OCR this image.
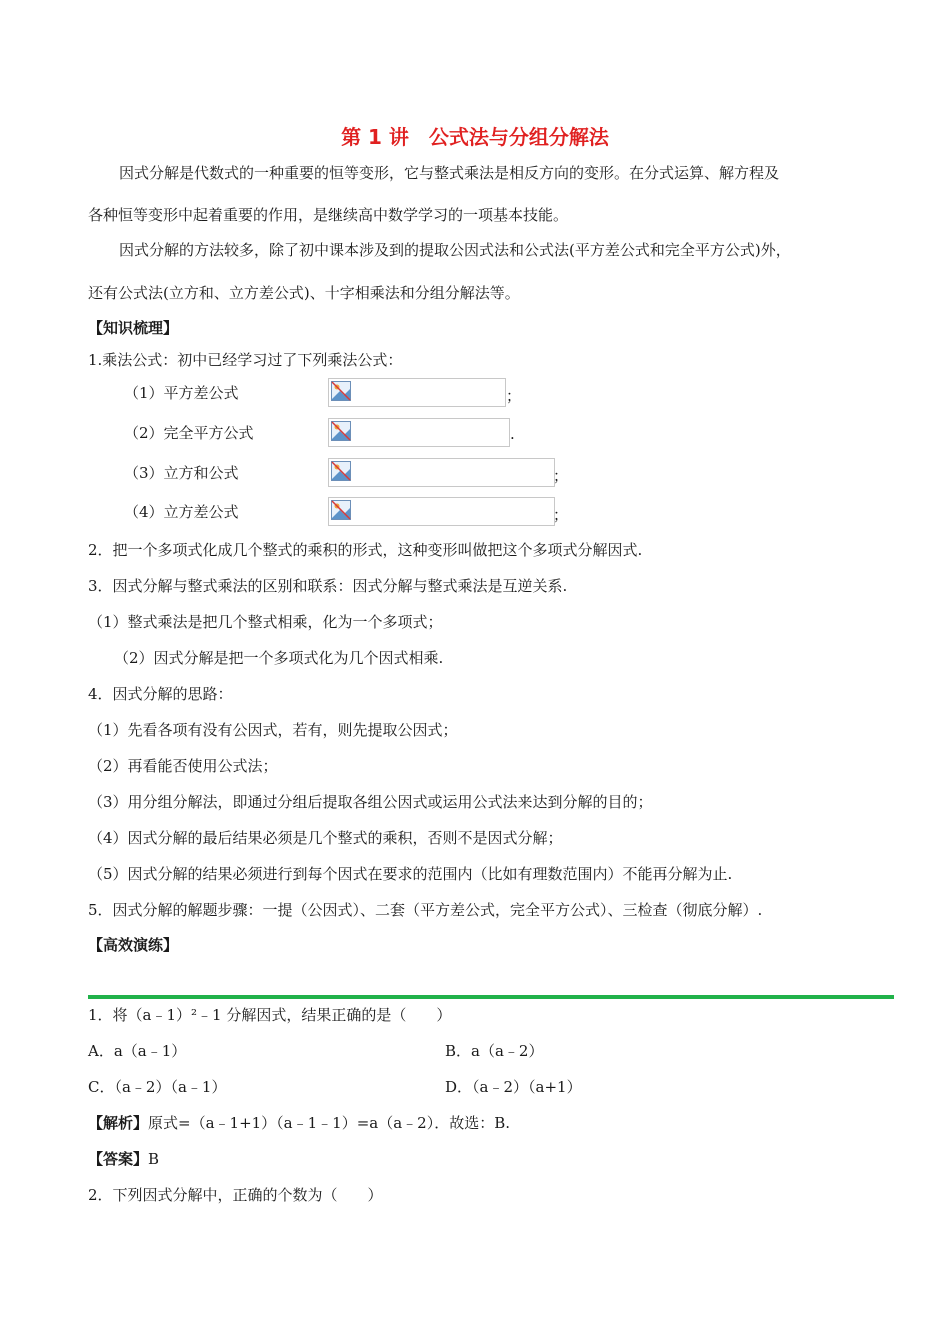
第 1 讲　公式法与分组分解法
因式分解是代数式的一种重要的恒等变形，它与整式乘法是相反方向的变形。在分式运算、解方程及
各种恒等变形中起着重要的作用，是继续高中数学学习的一项基本技能。
因式分解的方法较多，除了初中课本涉及到的提取公因式法和公式法(平方差公式和完全平方公式)外，
还有公式法(立方和、立方差公式)、十字相乘法和分组分解法等。
【知识梳理】
1.乘法公式：初中已经学习过了下列乘法公式：
（1）平方差公式	；
（2）完全平方公式	.
（3）立方和公式	；
（4）立方差公式	；
2．把一个多项式化成几个整式的乘积的形式，这种变形叫做把这个多项式分解因式.
3．因式分解与整式乘法的区别和联系：因式分解与整式乘法是互逆关系.
（1）整式乘法是把几个整式相乘，化为一个多项式；
（2）因式分解是把一个多项式化为几个因式相乘.
4．因式分解的思路：
（1）先看各项有没有公因式，若有，则先提取公因式；
（2）再看能否使用公式法；
（3）用分组分解法，即通过分组后提取各组公因式或运用公式法来达到分解的目的；
（4）因式分解的最后结果必须是几个整式的乘积，否则不是因式分解；
（5）因式分解的结果必须进行到每个因式在要求的范围内（比如有理数范围内）不能再分解为止.
5．因式分解的解题步骤：一提（公因式）、二套（平方差公式，完全平方公式）、三检查（彻底分解）.
【高效演练】
1．将（a﹣1）²﹣1 分解因式，结果正确的是（　　）
A．a（a﹣1）	B．a（a﹣2）
C．（a﹣2）（a﹣1）	D．（a﹣2）（a+1）
【解析】原式=（a﹣1+1）（a﹣1﹣1）=a（a﹣2）．故选：B.
【答案】B
2．下列因式分解中，正确的个数为（　　）
